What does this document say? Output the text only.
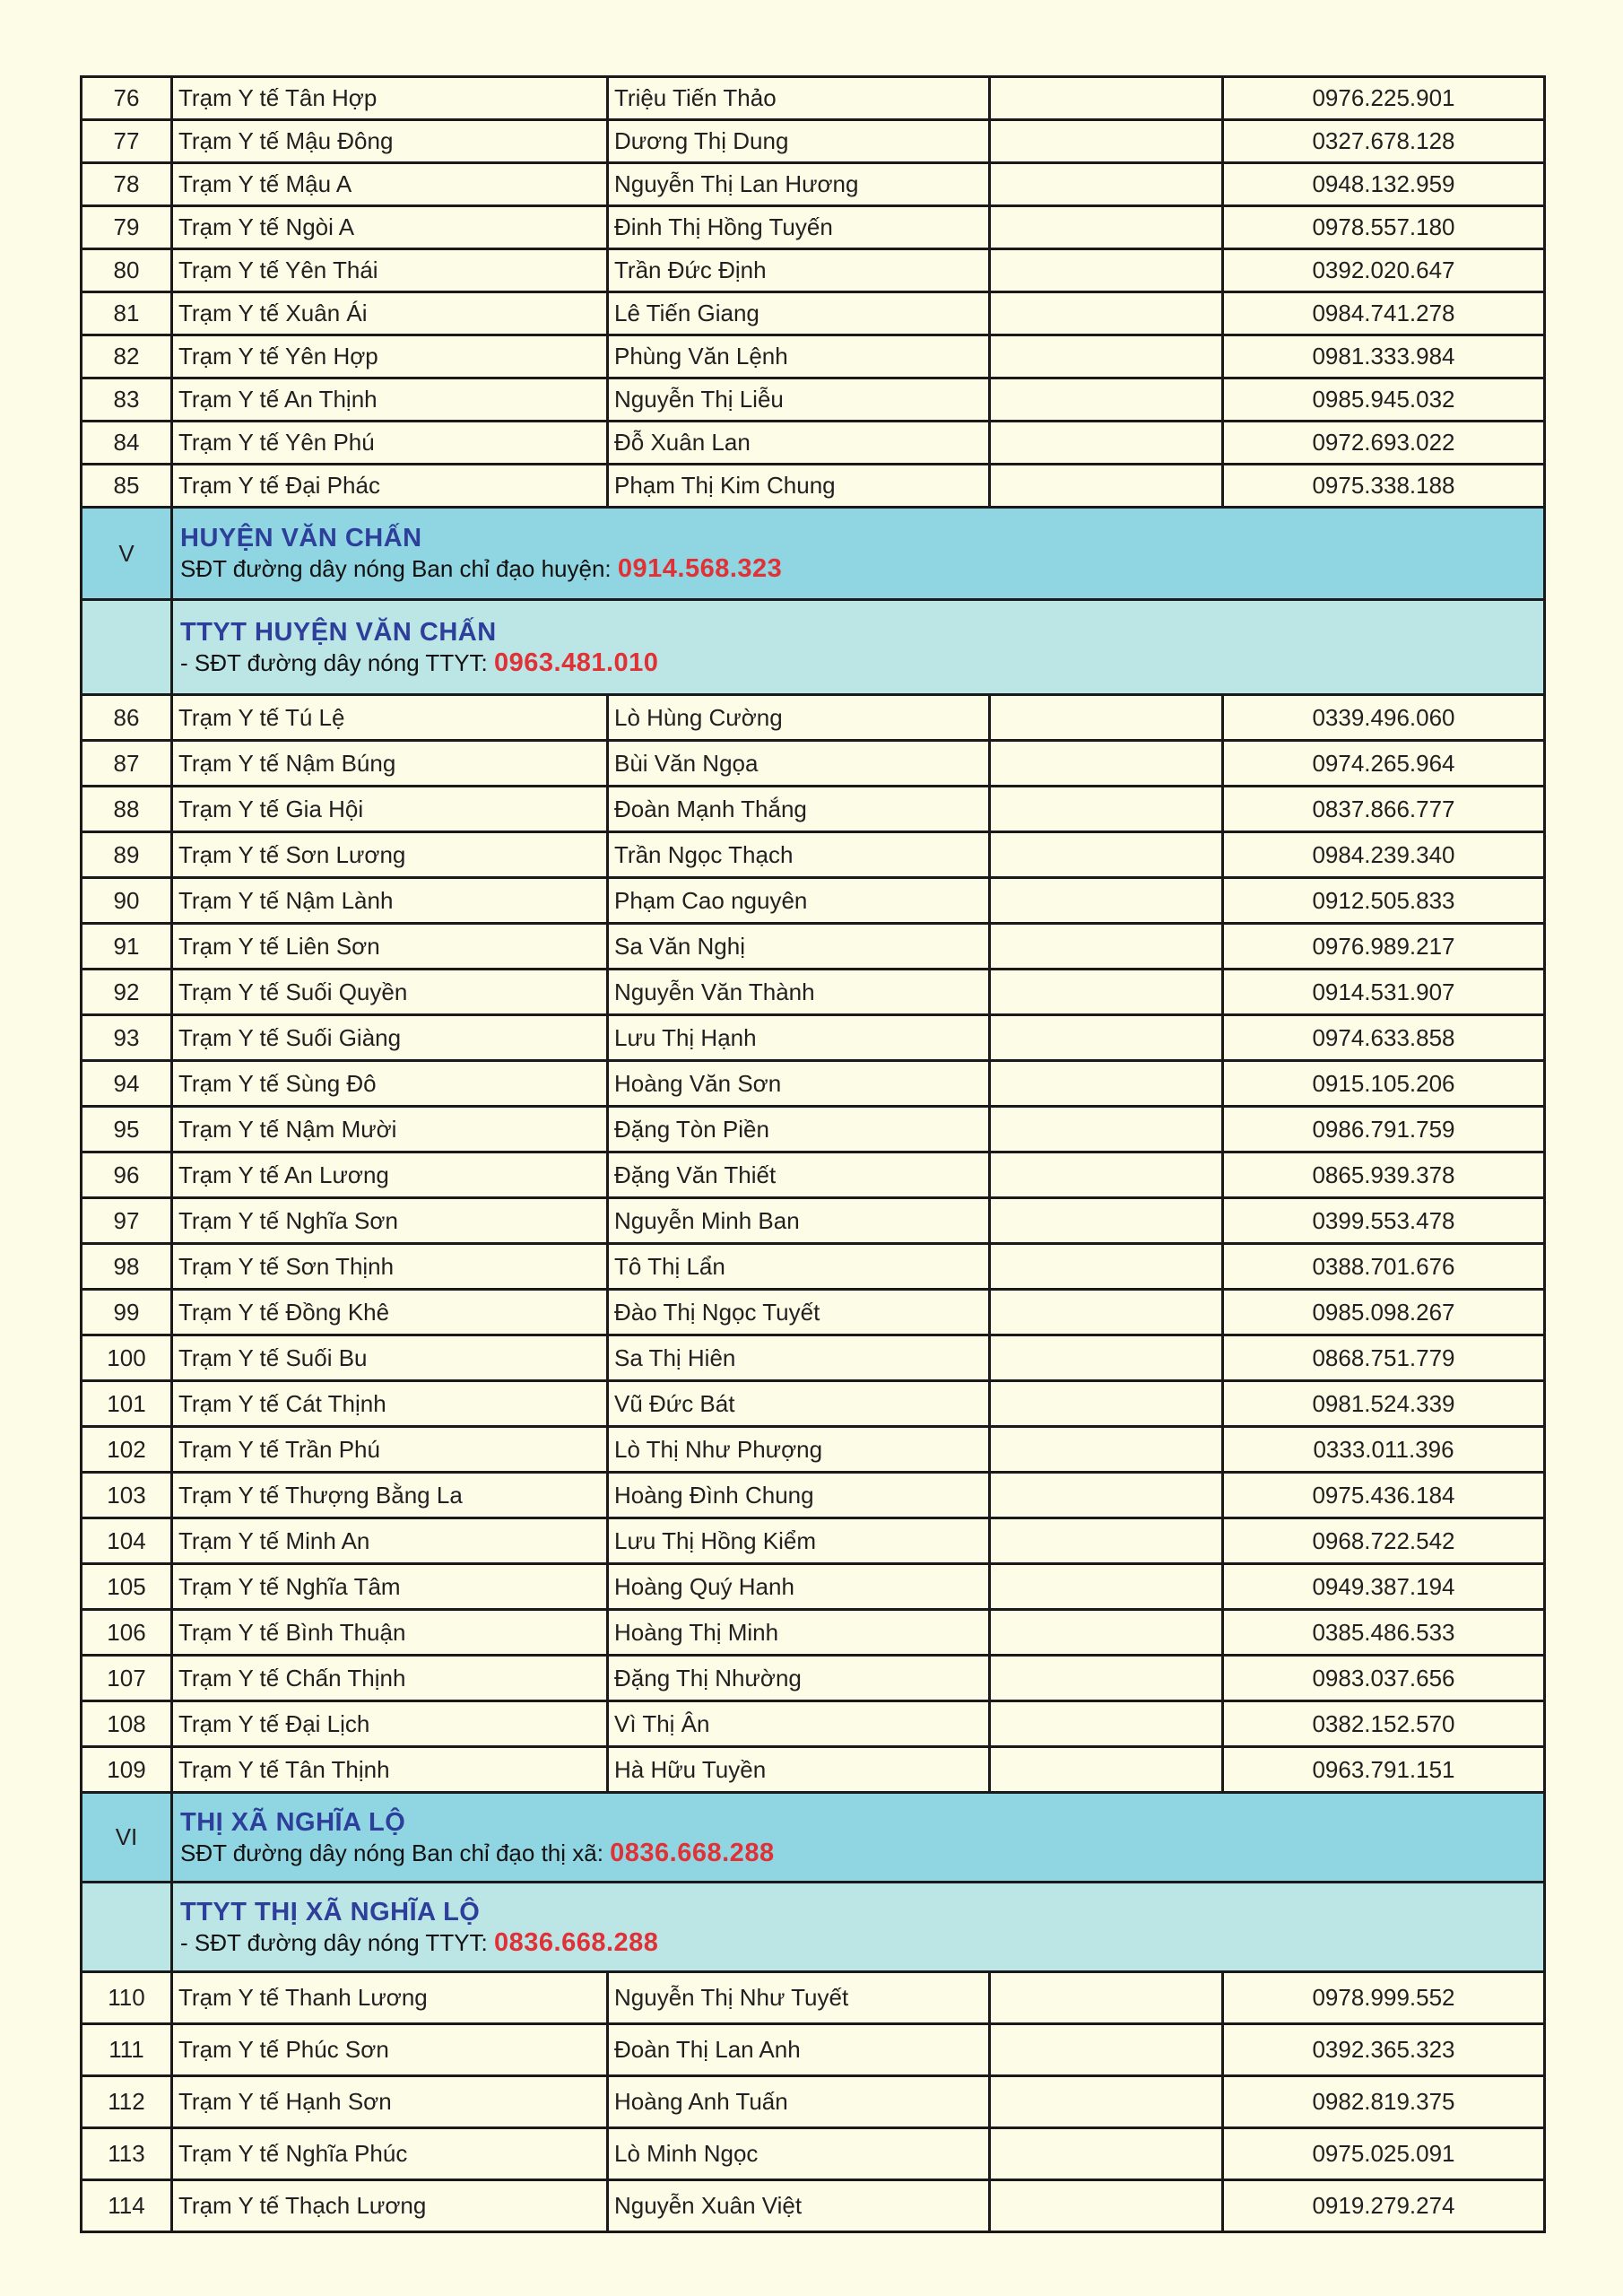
76	Trạm Y tế Tân Hợp	Triệu Tiến Thảo		0976.225.901
77	Trạm Y tế Mậu Đông	Dương Thị Dung		0327.678.128
78	Trạm Y tế Mậu A	Nguyễn Thị Lan Hương		0948.132.959
79	Trạm Y tế Ngòi A	Đinh Thị Hồng Tuyến		0978.557.180
80	Trạm Y tế Yên Thái	Trần Đức Định		0392.020.647
81	Trạm Y tế Xuân Ái	Lê Tiến Giang		0984.741.278
82	Trạm Y tế Yên Hợp	Phùng Văn Lệnh		0981.333.984
83	Trạm Y tế An Thịnh	Nguyễn Thị Liễu		0985.945.032
84	Trạm Y tế Yên Phú	Đỗ Xuân Lan		0972.693.022
85	Trạm Y tế Đại Phác	Phạm Thị Kim Chung		0975.338.188
V	HUYỆN VĂN CHẤN
SĐT đường dây nóng Ban chỉ đạo huyện: 0914.568.323			

	TTYT HUYỆN VĂN CHẤN
- SĐT đường dây nóng TTYT: 0963.481.010			

86	Trạm Y tế Tú Lệ	Lò Hùng Cường		0339.496.060
87	Trạm Y tế Nậm Búng	Bùi Văn Ngọa		0974.265.964
88	Trạm Y tế Gia Hội	Đoàn Mạnh Thắng		0837.866.777
89	Trạm Y tế Sơn Lương	Trần Ngọc Thạch		0984.239.340
90	Trạm Y tế Nậm Lành	Phạm Cao nguyên		0912.505.833
91	Trạm Y tế Liên Sơn	Sa Văn Nghị		0976.989.217
92	Trạm Y tế Suối Quyền	Nguyễn Văn Thành		0914.531.907
93	Trạm Y tế Suối Giàng	Lưu Thị Hạnh		0974.633.858
94	Trạm Y tế Sùng Đô	Hoàng Văn Sơn		0915.105.206
95	Trạm Y tế Nậm Mười	Đặng Tòn Piền		0986.791.759
96	Trạm Y tế An Lương	Đặng Văn Thiết		0865.939.378
97	Trạm Y tế Nghĩa Sơn	Nguyễn Minh Ban		0399.553.478
98	Trạm Y tế Sơn Thịnh	Tô Thị Lẩn		0388.701.676
99	Trạm Y tế Đồng Khê	Đào Thị Ngọc Tuyết		0985.098.267
100	Trạm Y tế Suối Bu	Sa Thị Hiên		0868.751.779
101	Trạm Y tế Cát Thịnh	Vũ Đức Bát		0981.524.339
102	Trạm Y tế Trần Phú	Lò Thị Như Phượng		0333.011.396
103	Trạm Y tế Thượng Bằng La	Hoàng Đình Chung		0975.436.184
104	Trạm Y tế Minh An	Lưu Thị Hồng Kiểm		0968.722.542
105	Trạm Y tế Nghĩa Tâm	Hoàng Quý Hanh		0949.387.194
106	Trạm Y tế Bình Thuận	Hoàng Thị Minh		0385.486.533
107	Trạm Y tế Chấn Thịnh	Đặng Thị Nhường		0983.037.656
108	Trạm Y tế Đại Lịch	Vì Thị Ân		0382.152.570
109	Trạm Y tế Tân Thịnh	Hà Hữu Tuyền		0963.791.151
VI	THỊ XÃ NGHĨA LỘ
SĐT đường dây nóng Ban chỉ đạo thị xã: 0836.668.288			

	TTYT THỊ XÃ NGHĨA LỘ
- SĐT đường dây nóng TTYT: 0836.668.288			

110	Trạm Y tế Thanh Lương	Nguyễn Thị Như Tuyết		0978.999.552
111	Trạm Y tế Phúc Sơn	Đoàn Thị Lan Anh		0392.365.323
112	Trạm Y tế Hạnh Sơn	Hoàng Anh Tuấn		0982.819.375
113	Trạm Y tế Nghĩa Phúc	Lò Minh Ngọc		0975.025.091
114	Trạm Y tế Thạch Lương	Nguyễn Xuân Việt		0919.279.274
